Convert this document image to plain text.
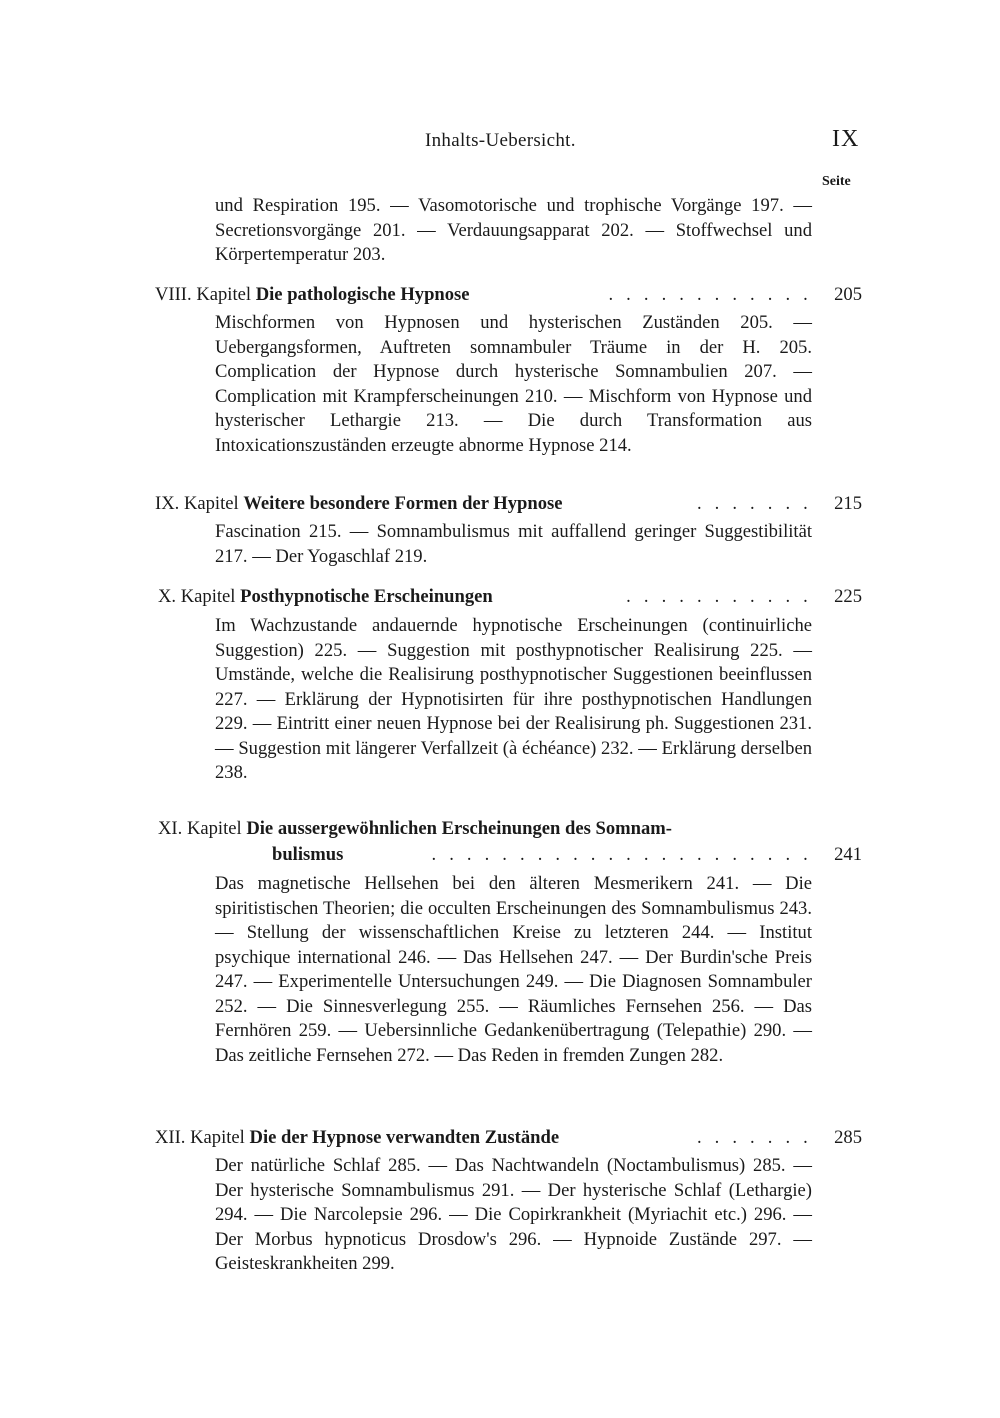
Inhalts-Uebersicht.	IX
Seite
und Respiration 195. — Vasomotorische und trophische Vorgänge 197. — Secretionsvorgänge 201. — Verdauungsapparat 202. — Stoffwechsel und Körpertemperatur 203.
VIII. Kapitel Die pathologische Hypnose	. . . . . . . . . . . . 205
Mischformen von Hypnosen und hysterischen Zuständen 205. — Uebergangsformen, Auftreten somnambuler Träume in der H. 205. Complication der Hypnose durch hysterische Somnambulien 207. — Complication mit Krampferscheinungen 210. — Mischform von Hypnose und hysterischer Lethargie 213. — Die durch Transformation aus Intoxicationszuständen erzeugte abnorme Hypnose 214.
IX. Kapitel Weitere besondere Formen der Hypnose	. . . . . . . 215
Fascination 215. — Somnambulismus mit auffallend geringer Suggestibilität 217. — Der Yogaschlaf 219.
X. Kapitel Posthypnotische Erscheinungen	. . . . . . . . . . . 225
Im Wachzustande andauernde hypnotische Erscheinungen (continuirliche Suggestion) 225. — Suggestion mit posthypnotischer Realisirung 225. — Umstände, welche die Realisirung posthypnotischer Suggestionen beeinflussen 227. — Erklärung der Hypnotisirten für ihre posthypnotischen Handlungen 229. — Eintritt einer neuen Hypnose bei der Realisirung ph. Suggestionen 231. — Suggestion mit längerer Verfallzeit (à échéance) 232. — Erklärung derselben 238.
XI. Kapitel Die aussergewöhnlichen Erscheinungen des Somnam-
bulismus	. . . . . . . . . . . . . . . . . . . . . . 241
Das magnetische Hellsehen bei den älteren Mesmerikern 241. — Die spiritistischen Theorien; die occulten Erscheinungen des Somnambulismus 243. — Stellung der wissenschaftlichen Kreise zu letzteren 244. — Institut psychique international 246. — Das Hellsehen 247. — Der Burdin'sche Preis 247. — Experimentelle Untersuchungen 249. — Die Diagnosen Somnambuler 252. — Die Sinnesverlegung 255. — Räumliches Fernsehen 256. — Das Fernhören 259. — Uebersinnliche Gedankenübertragung (Telepathie) 290. — Das zeitliche Fernsehen 272. — Das Reden in fremden Zungen 282.
XII. Kapitel Die der Hypnose verwandten Zustände	. . . . . . . 285
Der natürliche Schlaf 285. — Das Nachtwandeln (Noctambulismus) 285. — Der hysterische Somnambulismus 291. — Der hysterische Schlaf (Lethargie) 294. — Die Narcolepsie 296. — Die Copirkrankheit (Myriachit etc.) 296. — Der Morbus hypnoticus Drosdow's 296. — Hypnoide Zustände 297. — Geisteskrankheiten 299.
